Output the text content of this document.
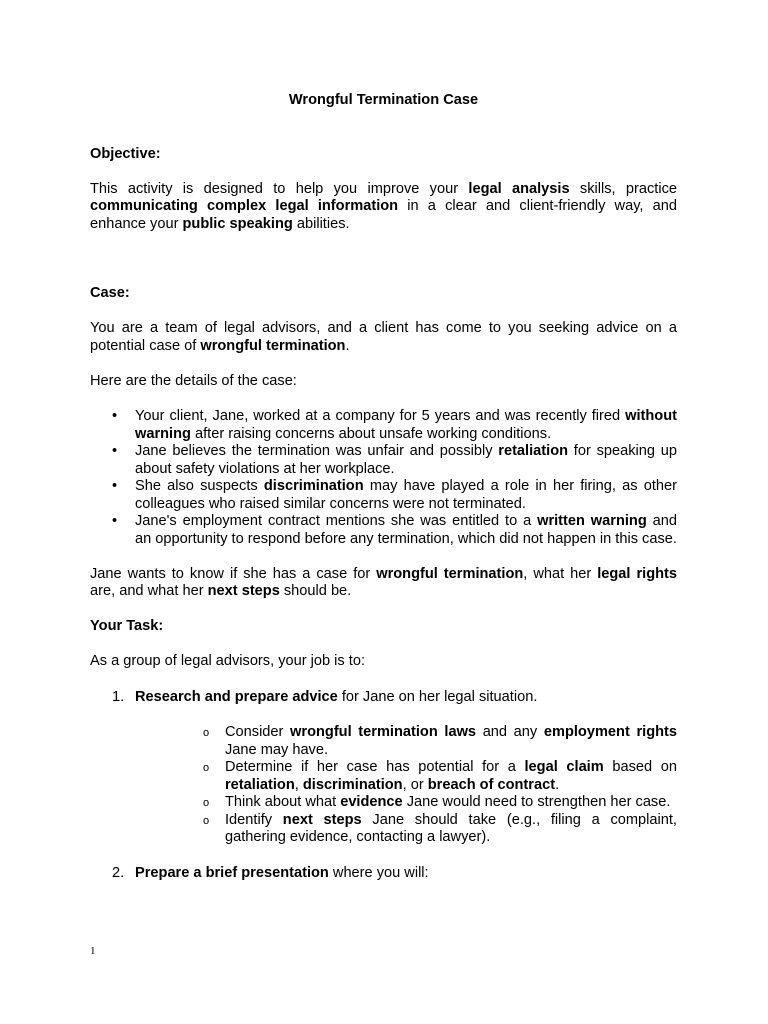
Wrongful Termination Case

Objective:

This activity is designed to help you improve your legal analysis skills, practice communicating complex legal information in a clear and client-friendly way, and enhance your public speaking abilities.

Case:

You are a team of legal advisors, and a client has come to you seeking advice on a potential case of wrongful termination.

Here are the details of the case:

• Your client, Jane, worked at a company for 5 years and was recently fired without warning after raising concerns about unsafe working conditions.
• Jane believes the termination was unfair and possibly retaliation for speaking up about safety violations at her workplace.
• She also suspects discrimination may have played a role in her firing, as other colleagues who raised similar concerns were not terminated.
• Jane's employment contract mentions she was entitled to a written warning and an opportunity to respond before any termination, which did not happen in this case.

Jane wants to know if she has a case for wrongful termination, what her legal rights are, and what her next steps should be.

Your Task:

As a group of legal advisors, your job is to:

1. Research and prepare advice for Jane on her legal situation.
o Consider wrongful termination laws and any employment rights Jane may have.
o Determine if her case has potential for a legal claim based on retaliation, discrimination, or breach of contract.
o Think about what evidence Jane would need to strengthen her case.
o Identify next steps Jane should take (e.g., filing a complaint, gathering evidence, contacting a lawyer).
2. Prepare a brief presentation where you will:
1
